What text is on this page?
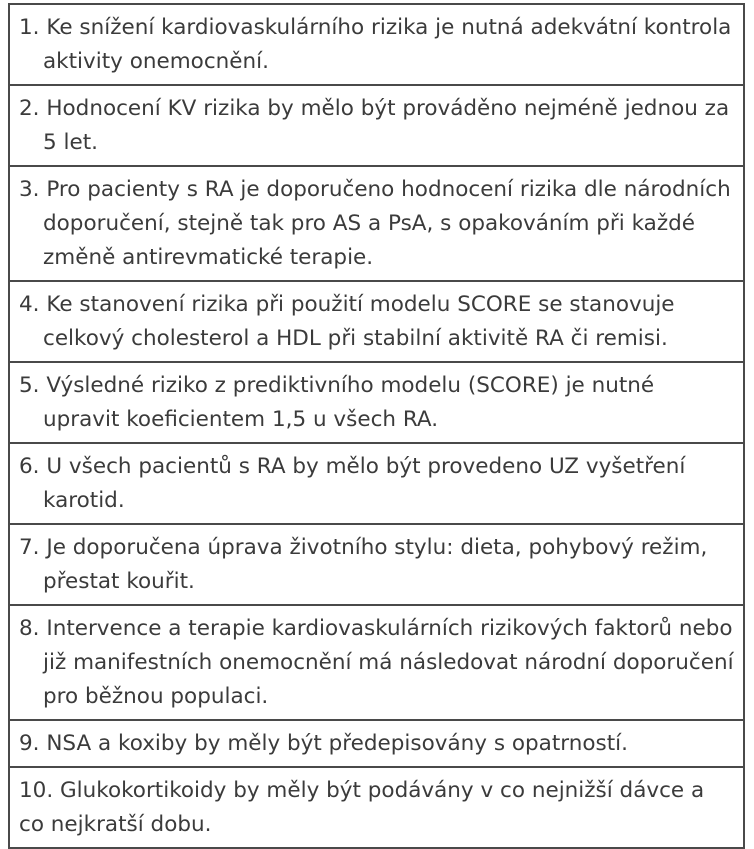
1. Ke snížení kardiovaskulárního rizika je nutná adekvátní kontrola aktivity onemocnění.

2. Hodnocení KV rizika by mělo být prováděno nejméně jednou za 5 let.

3. Pro pacienty s RA je doporučeno hodnocení rizika dle národních doporučení, stejně tak pro AS a PsA, s opakováním při každé změně antirevmatické terapie.

4. Ke stanovení rizika při použití modelu SCORE se stanovuje celkový cholesterol a HDL při stabilní aktivitě RA či remisi.

5. Výsledné riziko z prediktivního modelu (SCORE) je nutné upravit koeficientem 1,5 u všech RA.

6. U všech pacientů s RA by mělo být provedeno UZ vyšetření karotid.

7. Je doporučena úprava životního stylu: dieta, pohybový režim, přestat kouřit.

8. Intervence a terapie kardiovaskulárních rizikových faktorů nebo již manifestních onemocnění má následovat národní doporučení pro běžnou populaci.

9. NSA a koxiby by měly být předepisovány s opatrností.

10. Glukokortikoidy by měly být podávány v co nejnižší dávce a co nejkratší dobu.
